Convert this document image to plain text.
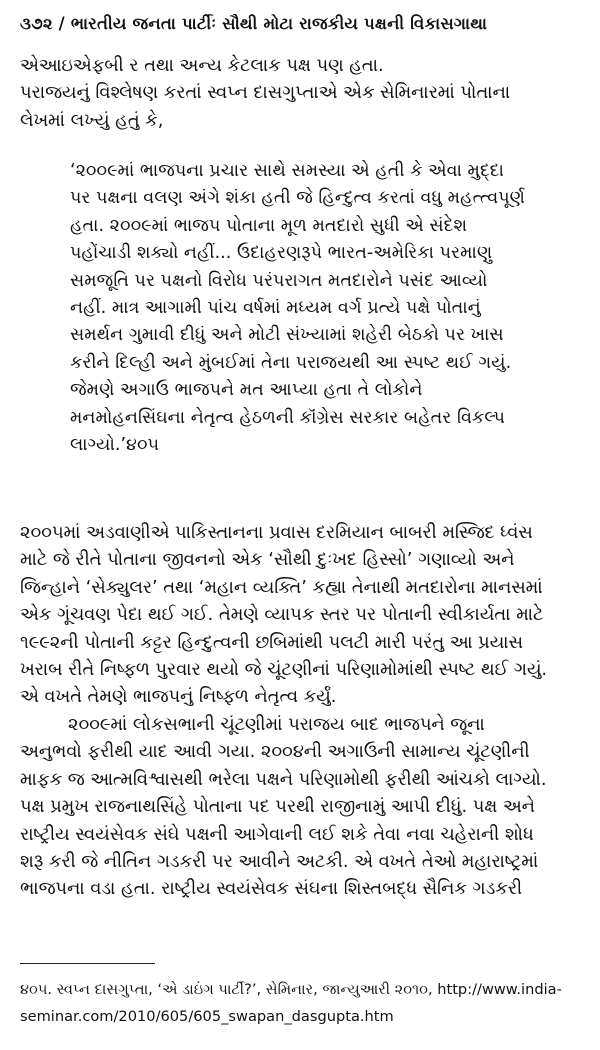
૩૭૨ / ભારતીય જનતા પાર્ટીઃ સૌથી મોટા રાજકીય પક્ષની વિકાસગાથા
એઆઇએફબી ર તથા અન્ય કેટલાક પક્ષ પણ હતા.
પરાજયનું વિશ્લેષણ કરતાં સ્વપ્ન દાસગુપ્તાએ એક સેમિનારમાં પોતાના
લેખમાં લખ્યું હતું કે,
‘૨૦૦૯માં ભાજપના પ્રચાર સાથે સમસ્યા એ હતી કે એવા મુદ્દા
પર પક્ષના વલણ અંગે શંકા હતી જે હિન્દુત્વ કરતાં વધુ મહત્ત્વપૂર્ણ
હતા. ૨૦૦૯માં ભાજપ પોતાના મૂળ મતદારો સુધી એ સંદેશ
પહોંચાડી શક્યો નહીં... ઉદાહરણરૂપે ભારત-અમેરિકા પરમાણુ
સમજૂતિ પર પક્ષનો વિરોધ પરંપરાગત મતદારોને પસંદ આવ્યો
નહીં. માત્ર આગામી પાંચ વર્ષમાં મધ્યમ વર્ગ પ્રત્યે પક્ષે પોતાનું
સમર્થન ગુમાવી દીધું અને મોટી સંખ્યામાં શહેરી બેઠકો પર ખાસ
કરીને દિલ્હી અને મુંબઈમાં તેના પરાજયથી આ સ્પષ્ટ થઈ ગયું.
જેમણે અગાઉ ભાજપને મત આપ્યા હતા તે લોકોને
મનમોહનસિંઘના નેતૃત્વ હેઠળની કૉંગ્રેસ સરકાર બહેતર વિકલ્પ
લાગ્યો.’૪૦૫
૨૦૦૫માં અડવાણીએ પાકિસ્તાનના પ્રવાસ દરમિયાન બાબરી મસ્જિદ ધ્વંસ
માટે જે રીતે પોતાના જીવનનો એક ‘સૌથી દુઃખદ હિસ્સો’ ગણાવ્યો અને
જિન્હાને ‘સેક્યુલર’ તથા ‘મહાન વ્યક્તિ’ કહ્યા તેનાથી મતદારોના માનસમાં
એક ગૂંચવણ પેદા થઈ ગઈ. તેમણે વ્યાપક સ્તર પર પોતાની સ્વીકાર્યતા માટે
૧૯૯૨ની પોતાની કટ્ટર હિન્દુત્વની છબિમાંથી પલટી મારી પરંતુ આ પ્રયાસ
ખરાબ રીતે નિષ્ફળ પુરવાર થયો જે ચૂંટણીનાં પરિણામોમાંથી સ્પષ્ટ થઈ ગયું.
એ વખતે તેમણે ભાજપનું નિષ્ફળ નેતૃત્વ કર્યું.
૨૦૦૯માં લોકસભાની ચૂંટણીમાં પરાજય બાદ ભાજપને જૂના
અનુભવો ફરીથી યાદ આવી ગયા. ૨૦૦૪ની અગાઉની સામાન્ય ચૂંટણીની
માફક જ આત્મવિશ્વાસથી ભરેલા પક્ષને પરિણામોથી ફરીથી આંચકો લાગ્યો.
પક્ષ પ્રમુખ રાજનાથસિંહે પોતાના પદ પરથી રાજીનામું આપી દીધું. પક્ષ અને
રાષ્ટ્રીય સ્વયંસેવક સંઘે પક્ષની આગેવાની લઈ શકે તેવા નવા ચહેરાની શોધ
શરૂ કરી જે નીતિન ગડકરી પર આવીને અટકી. એ વખતે તેઓ મહારાષ્ટ્રમાં
ભાજપના વડા હતા. રાષ્ટ્રીય સ્વયંસેવક સંઘના શિસ્તબદ્ધ સૈનિક ગડકરી
૪૦૫. સ્વપ્ન દાસગુપ્તા, ‘એ ડાઇંગ પાર્ટી?’, સેમિનાર, જાન્યુઆરી ૨૦૧૦, http://www.india-
seminar.com/2010/605/605_swapan_dasgupta.htm
